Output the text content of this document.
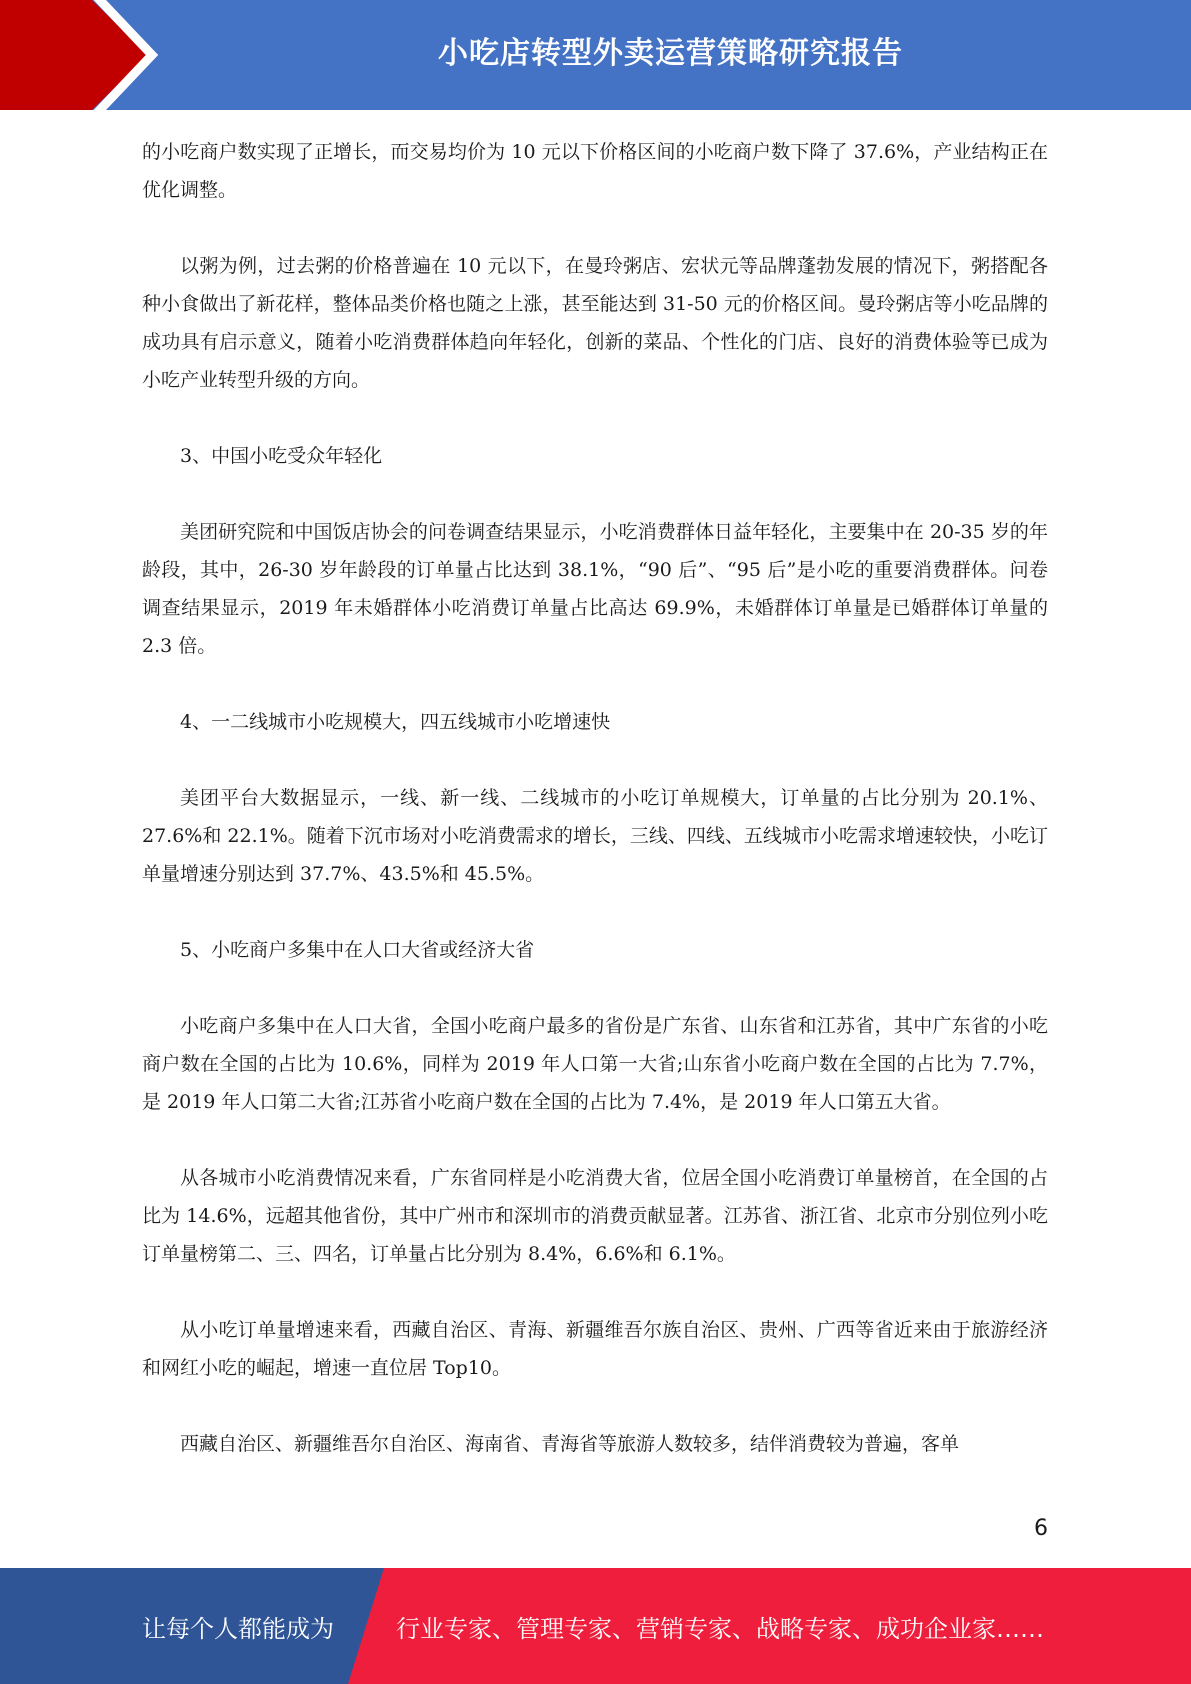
小吃店转型外卖运营策略研究报告

的小吃商户数实现了正增长，而交易均价为 10 元以下价格区间的小吃商户数下降了 37.6%，产业结构正在优化调整。

以粥为例，过去粥的价格普遍在 10 元以下，在曼玲粥店、宏状元等品牌蓬勃发展的情况下，粥搭配各种小食做出了新花样，整体品类价格也随之上涨，甚至能达到 31-50 元的价格区间。曼玲粥店等小吃品牌的成功具有启示意义，随着小吃消费群体趋向年轻化，创新的菜品、个性化的门店、良好的消费体验等已成为小吃产业转型升级的方向。

3、中国小吃受众年轻化

美团研究院和中国饭店协会的问卷调查结果显示，小吃消费群体日益年轻化，主要集中在 20-35 岁的年龄段，其中，26-30 岁年龄段的订单量占比达到 38.1%，“90 后”、“95 后”是小吃的重要消费群体。问卷调查结果显示，2019 年未婚群体小吃消费订单量占比高达 69.9%，未婚群体订单量是已婚群体订单量的 2.3 倍。

4、一二线城市小吃规模大，四五线城市小吃增速快

美团平台大数据显示，一线、新一线、二线城市的小吃订单规模大，订单量的占比分别为 20.1%、27.6%和 22.1%。随着下沉市场对小吃消费需求的增长，三线、四线、五线城市小吃需求增速较快，小吃订单量增速分别达到 37.7%、43.5%和 45.5%。

5、小吃商户多集中在人口大省或经济大省

小吃商户多集中在人口大省，全国小吃商户最多的省份是广东省、山东省和江苏省，其中广东省的小吃商户数在全国的占比为 10.6%，同样为 2019 年人口第一大省;山东省小吃商户数在全国的占比为 7.7%，是 2019 年人口第二大省;江苏省小吃商户数在全国的占比为 7.4%，是 2019 年人口第五大省。

从各城市小吃消费情况来看，广东省同样是小吃消费大省，位居全国小吃消费订单量榜首，在全国的占比为 14.6%，远超其他省份，其中广州市和深圳市的消费贡献显著。江苏省、浙江省、北京市分别位列小吃订单量榜第二、三、四名，订单量占比分别为 8.4%，6.6%和 6.1%。

从小吃订单量增速来看，西藏自治区、青海、新疆维吾尔族自治区、贵州、广西等省近来由于旅游经济和网红小吃的崛起，增速一直位居 Top10。

西藏自治区、新疆维吾尔自治区、海南省、青海省等旅游人数较多，结伴消费较为普遍，客单

6
让每个人都能成为	行业专家、管理专家、营销专家、战略专家、成功企业家……
